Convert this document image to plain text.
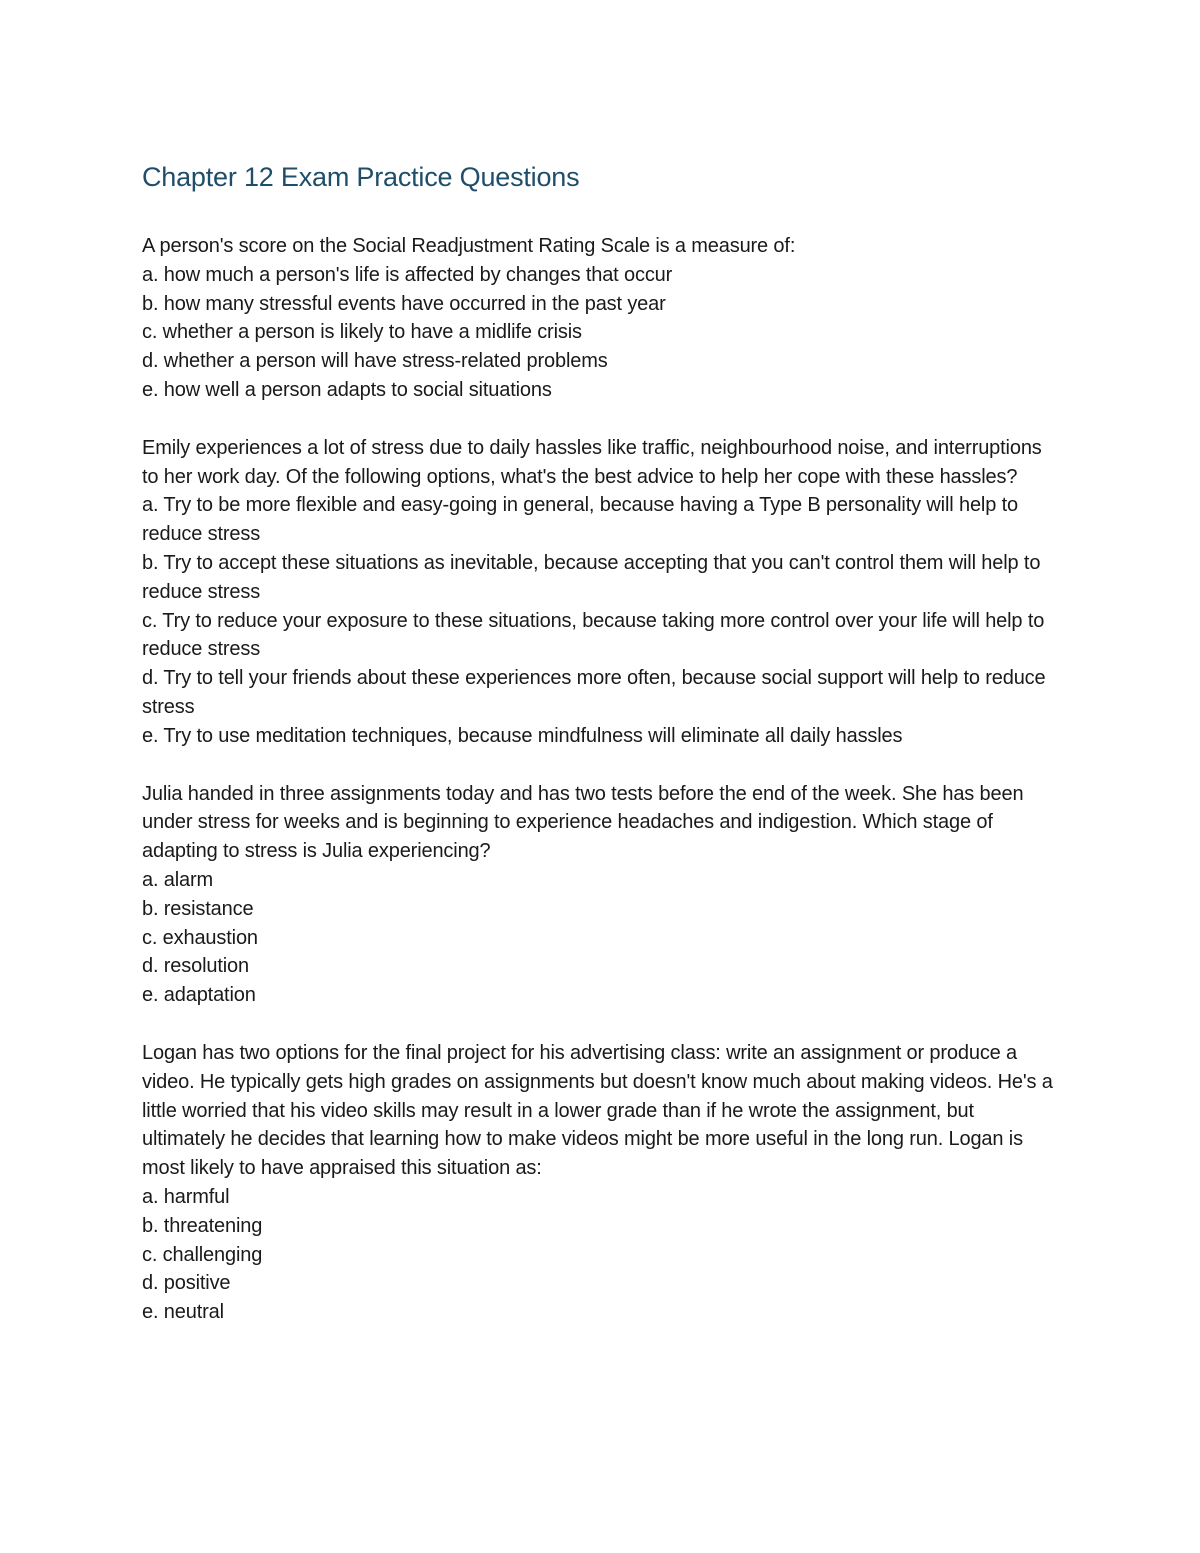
Chapter 12 Exam Practice Questions

A person's score on the Social Readjustment Rating Scale is a measure of:

a. how much a person's life is affected by changes that occur

b. how many stressful events have occurred in the past year

c. whether a person is likely to have a midlife crisis

d. whether a person will have stress-related problems

e. how well a person adapts to social situations

Emily experiences a lot of stress due to daily hassles like traffic, neighbourhood noise, and interruptions to her work day. Of the following options, what's the best advice to help her cope with these hassles?

a. Try to be more flexible and easy-going in general, because having a Type B personality will help to reduce stress

b. Try to accept these situations as inevitable, because accepting that you can't control them will help to reduce stress

c. Try to reduce your exposure to these situations, because taking more control over your life will help to reduce stress

d. Try to tell your friends about these experiences more often, because social support will help to reduce stress

e. Try to use meditation techniques, because mindfulness will eliminate all daily hassles

Julia handed in three assignments today and has two tests before the end of the week. She has been under stress for weeks and is beginning to experience headaches and indigestion. Which stage of adapting to stress is Julia experiencing?

a. alarm

b. resistance

c. exhaustion

d. resolution

e. adaptation

Logan has two options for the final project for his advertising class: write an assignment or produce a video. He typically gets high grades on assignments but doesn't know much about making videos. He's a little worried that his video skills may result in a lower grade than if he wrote the assignment, but ultimately he decides that learning how to make videos might be more useful in the long run. Logan is most likely to have appraised this situation as:

a. harmful

b. threatening

c. challenging

d. positive

e. neutral
